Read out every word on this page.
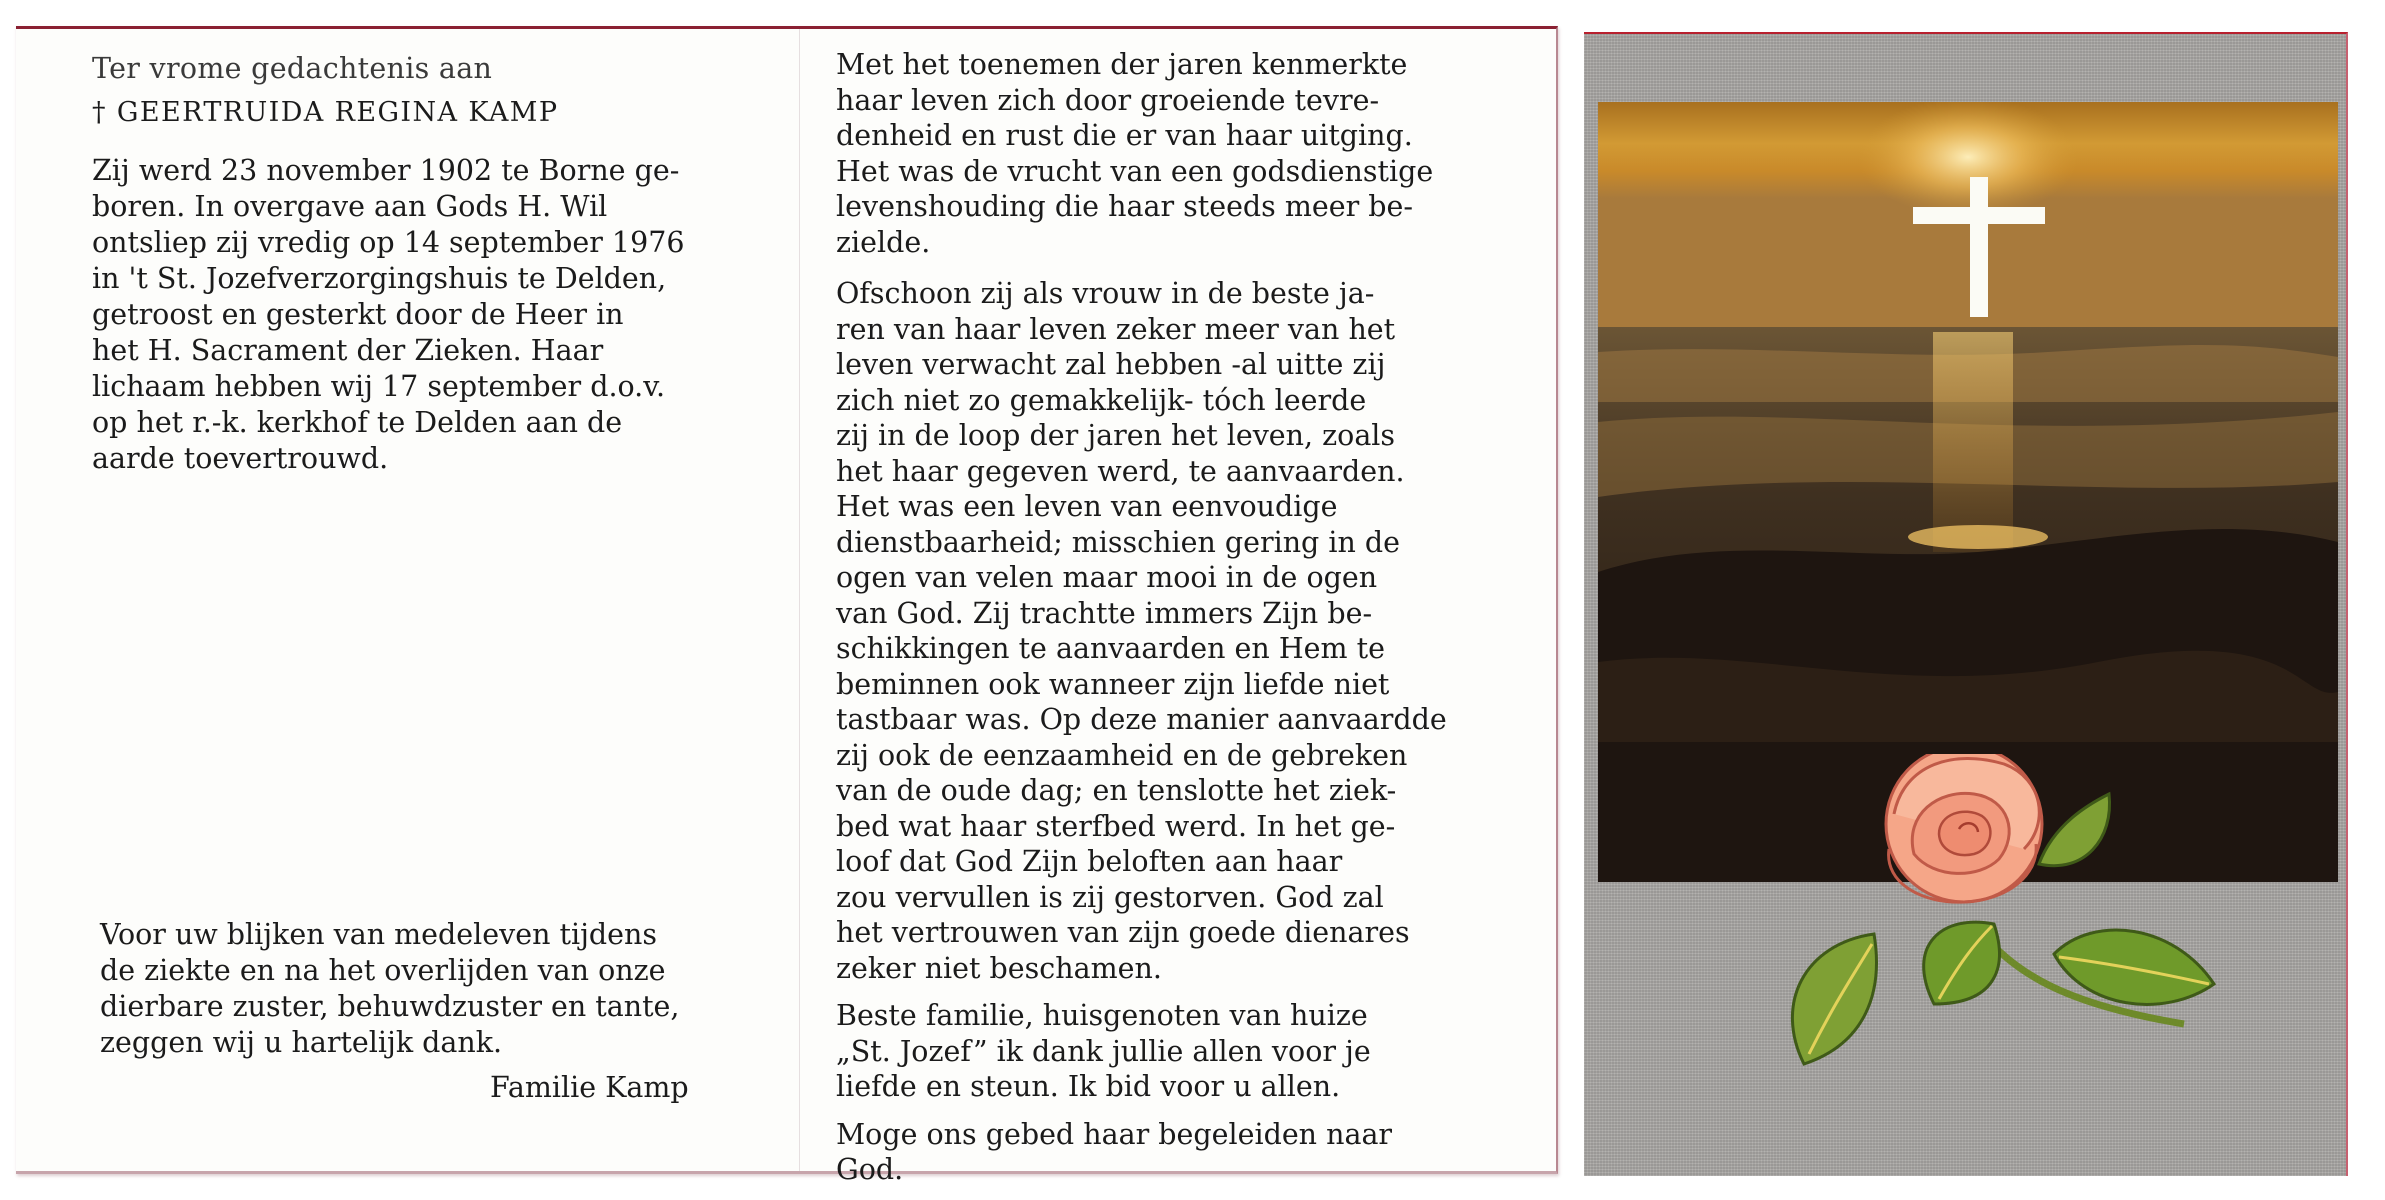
Ter vrome gedachtenis aan

† GEERTRUIDA REGINA KAMP

Zij werd 23 november 1902 te Borne ge-

boren. In overgave aan Gods H. Wil

ontsliep zij vredig op 14 september 1976

in 't St. Jozefverzorgingshuis te Delden,

getroost en gesterkt door de Heer in

het H. Sacrament der Zieken. Haar

lichaam hebben wij 17 september d.o.v.

op het r.-k. kerkhof te Delden aan de

aarde toevertrouwd.

Voor uw blijken van medeleven tijdens

de ziekte en na het overlijden van onze

dierbare zuster, behuwdzuster en tante,

zeggen wij u hartelijk dank.

Familie Kamp

Met het toenemen der jaren kenmerkte

haar leven zich door groeiende tevre-

denheid en rust die er van haar uitging.

Het was de vrucht van een godsdienstige

levenshouding die haar steeds meer be-

zielde.

Ofschoon zij als vrouw in de beste ja-

ren van haar leven zeker meer van het

leven verwacht zal hebben -al uitte zij

zich niet zo gemakkelijk- tóch leerde

zij in de loop der jaren het leven, zoals

het haar gegeven werd, te aanvaarden.

Het was een leven van eenvoudige

dienstbaarheid; misschien gering in de

ogen van velen maar mooi in de ogen

van God. Zij trachtte immers Zijn be-

schikkingen te aanvaarden en Hem te

beminnen ook wanneer zijn liefde niet

tastbaar was. Op deze manier aanvaardde

zij ook de eenzaamheid en de gebreken

van de oude dag; en tenslotte het ziek-

bed wat haar sterfbed werd. In het ge-

loof dat God Zijn beloften aan haar

zou vervullen is zij gestorven. God zal

het vertrouwen van zijn goede dienares

zeker niet beschamen.

Beste familie, huisgenoten van huize

„St. Jozef” ik dank jullie allen voor je

liefde en steun. Ik bid voor u allen.

Moge ons gebed haar begeleiden naar

God.
